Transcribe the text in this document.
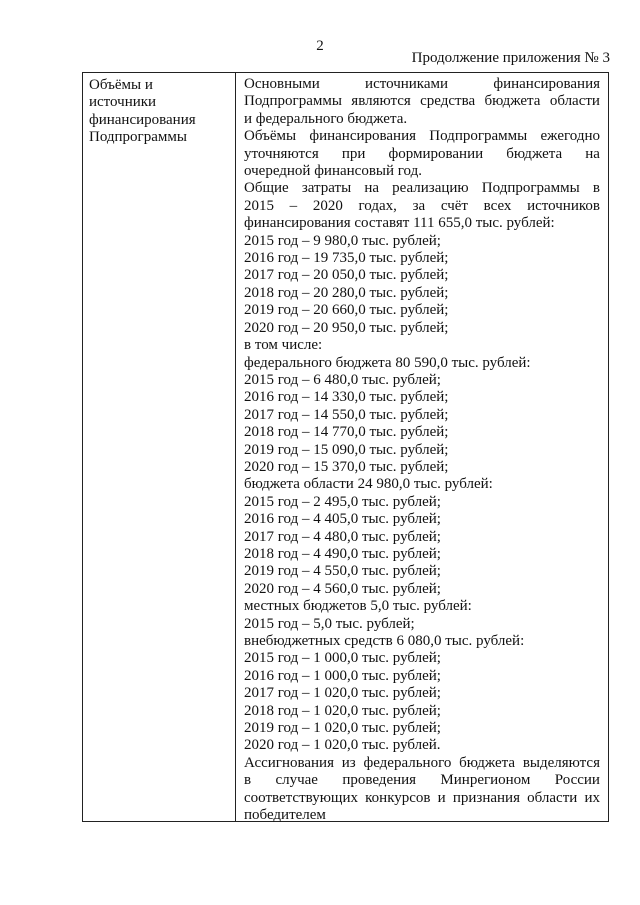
2
Продолжение приложения № 3
Объёмы и
источники
финансирования
Подпрограммы
Основными	источниками	финансирования
Подпрограммы являются средства бюджета области
и федерального бюджета.
Объёмы финансирования Подпрограммы ежегодно
уточняются при формировании бюджета на
очередной финансовый год.
Общие затраты на реализацию Подпрограммы в
2015 – 2020 годах, за счёт всех источников
финансирования составят 111 655,0 тыс. рублей:
2015 год – 9 980,0 тыс. рублей;
2016 год – 19 735,0 тыс. рублей;
2017 год – 20 050,0 тыс. рублей;
2018 год – 20 280,0 тыс. рублей;
2019 год – 20 660,0 тыс. рублей;
2020 год – 20 950,0 тыс. рублей;
в том числе:
федерального бюджета 80 590,0 тыс. рублей:
2015 год – 6 480,0 тыс. рублей;
2016 год – 14 330,0 тыс. рублей;
2017 год – 14 550,0 тыс. рублей;
2018 год – 14 770,0 тыс. рублей;
2019 год – 15 090,0 тыс. рублей;
2020 год – 15 370,0 тыс. рублей;
бюджета области 24 980,0 тыс. рублей:
2015 год – 2 495,0 тыс. рублей;
2016 год – 4 405,0 тыс. рублей;
2017 год – 4 480,0 тыс. рублей;
2018 год – 4 490,0 тыс. рублей;
2019 год – 4 550,0 тыс. рублей;
2020 год – 4 560,0 тыс. рублей;
местных бюджетов 5,0 тыс. рублей:
2015 год – 5,0 тыс. рублей;
внебюджетных средств 6 080,0 тыс. рублей:
2015 год – 1 000,0 тыс. рублей;
2016 год – 1 000,0 тыс. рублей;
2017 год – 1 020,0 тыс. рублей;
2018 год – 1 020,0 тыс. рублей;
2019 год – 1 020,0 тыс. рублей;
2020 год – 1 020,0 тыс. рублей.
Ассигнования из федерального бюджета выделяются
в случае проведения Минрегионом России
соответствующих конкурсов и признания области их
победителем
